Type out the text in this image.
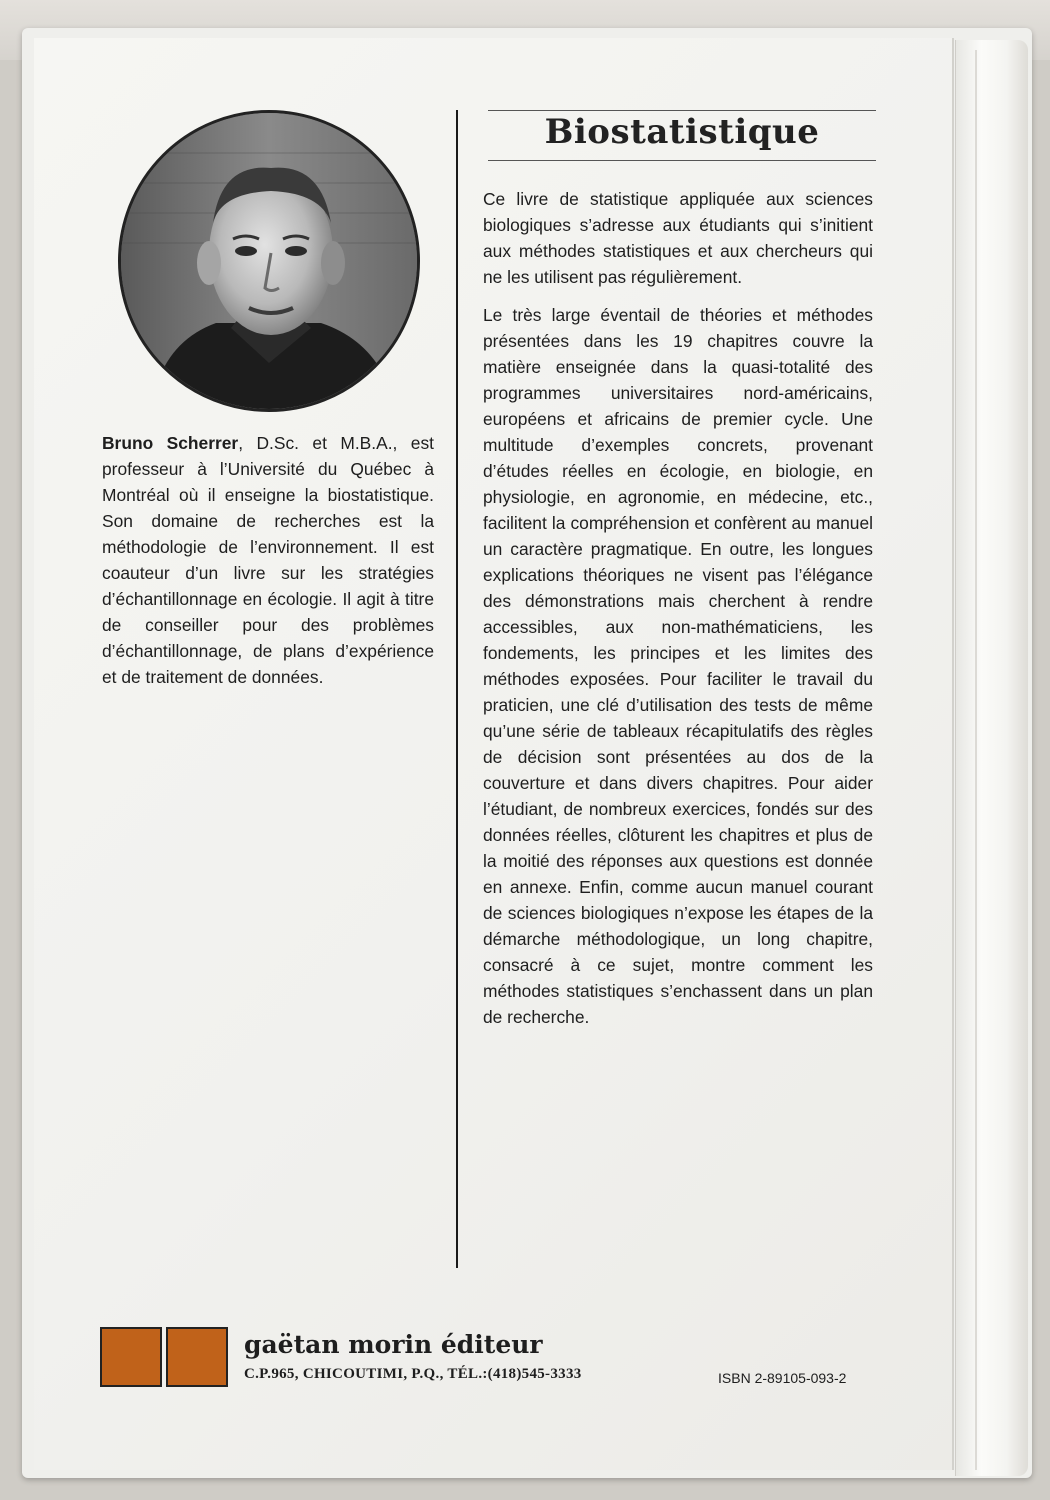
Bruno Scherrer, D.Sc. et M.B.A., est professeur à l’Université du Québec à Montréal où il enseigne la biostatistique. Son domaine de recherches est la méthodologie de l’environnement. Il est coauteur d’un livre sur les stratégies d’échantillonnage en écologie. Il agit à titre de conseiller pour des problèmes d’échantillonnage, de plans d’expérience et de traitement de données.
Biostatistique

Ce livre de statistique appliquée aux sciences biologiques s’adresse aux étudiants qui s’initient aux méthodes statistiques et aux chercheurs qui ne les utilisent pas régulièrement.

Le très large éventail de théories et méthodes présentées dans les 19 chapitres couvre la matière enseignée dans la quasi-totalité des programmes universitaires nord-américains, européens et africains de premier cycle. Une multitude d’exemples concrets, provenant d’études réelles en écologie, en biologie, en physiologie, en agronomie, en médecine, etc., facilitent la compréhension et confèrent au manuel un caractère pragmatique. En outre, les longues explications théoriques ne visent pas l’élégance des démonstrations mais cherchent à rendre accessibles, aux non-mathématiciens, les fondements, les principes et les limites des méthodes exposées. Pour faciliter le travail du praticien, une clé d’utilisation des tests de même qu’une série de tableaux récapitulatifs des règles de décision sont présentées au dos de la couverture et dans divers chapitres. Pour aider l’étudiant, de nombreux exercices, fondés sur des données réelles, clôturent les chapitres et plus de la moitié des réponses aux questions est donnée en annexe. Enfin, comme aucun manuel courant de sciences biologiques n’expose les étapes de la démarche méthodologique, un long chapitre, consacré à ce sujet, montre comment les méthodes statistiques s’enchassent dans un plan de recherche.

gaëtan morin éditeur
C.P.965, CHICOUTIMI, P.Q., TÉL.:(418)545-3333	ISBN 2-89105-093-2
